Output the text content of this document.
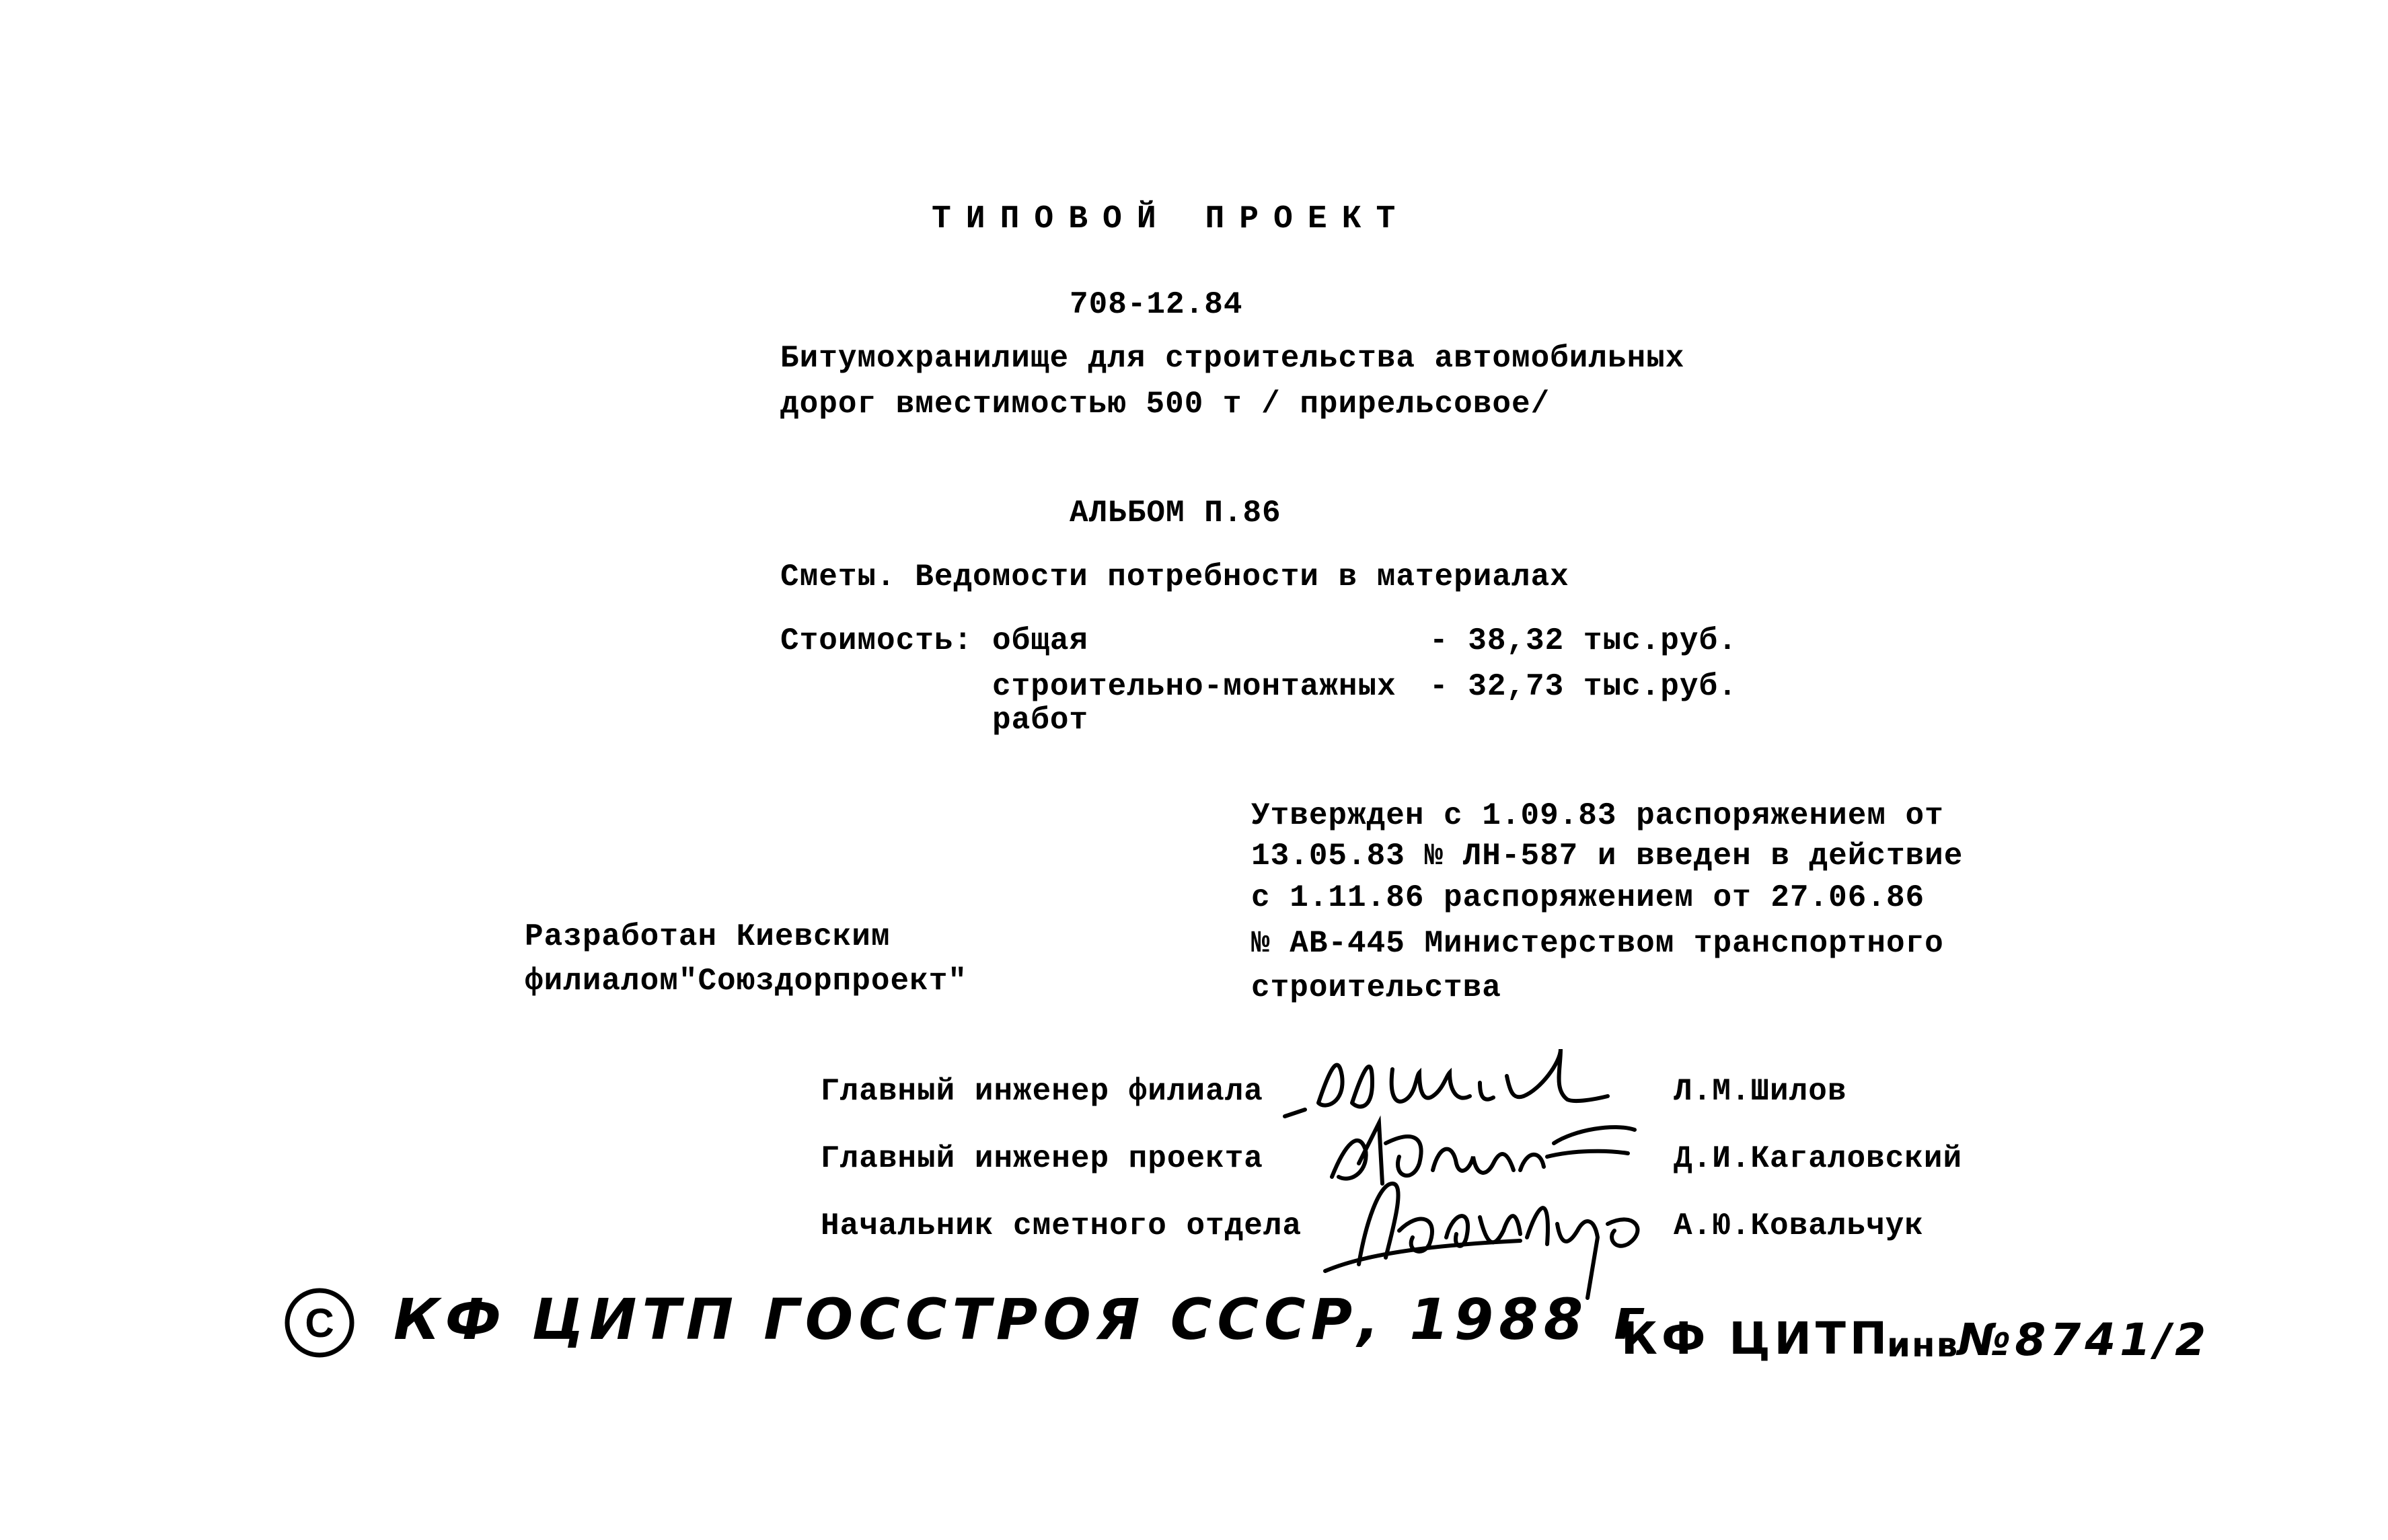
ТИПОВОЙ ПРОЕКТ
708-12.84
Битумохранилище для строительства автомобильных
дорог вместимостью 500 т / прирельсовое/
АЛЬБОМ П.86
Сметы. Ведомости потребности в материалах
Стоимость: общая	- 38,32 тыс.руб.
строительно-монтажных - 32,73 тыс.руб.
работ
Утвержден с 1.09.83 распоряжением от
13.05.83 № ЛН-587 и введен в действие
с 1.11.86 распоряжением от 27.06.86
№ АВ-445 Министерством транспортного
строительства
Разработан Киевским
филиалом"Союздорпроект"
Главный инженер филиала	Л.М.Шилов
Главный инженер проекта	Д.И.Кагаловский
Начальник сметного отдела	А.Ю.Ковальчук
C КФ ЦИТП ГОССТРОЯ СССР, 1988 г
КФ ЦИТП
инв
№8741/2
